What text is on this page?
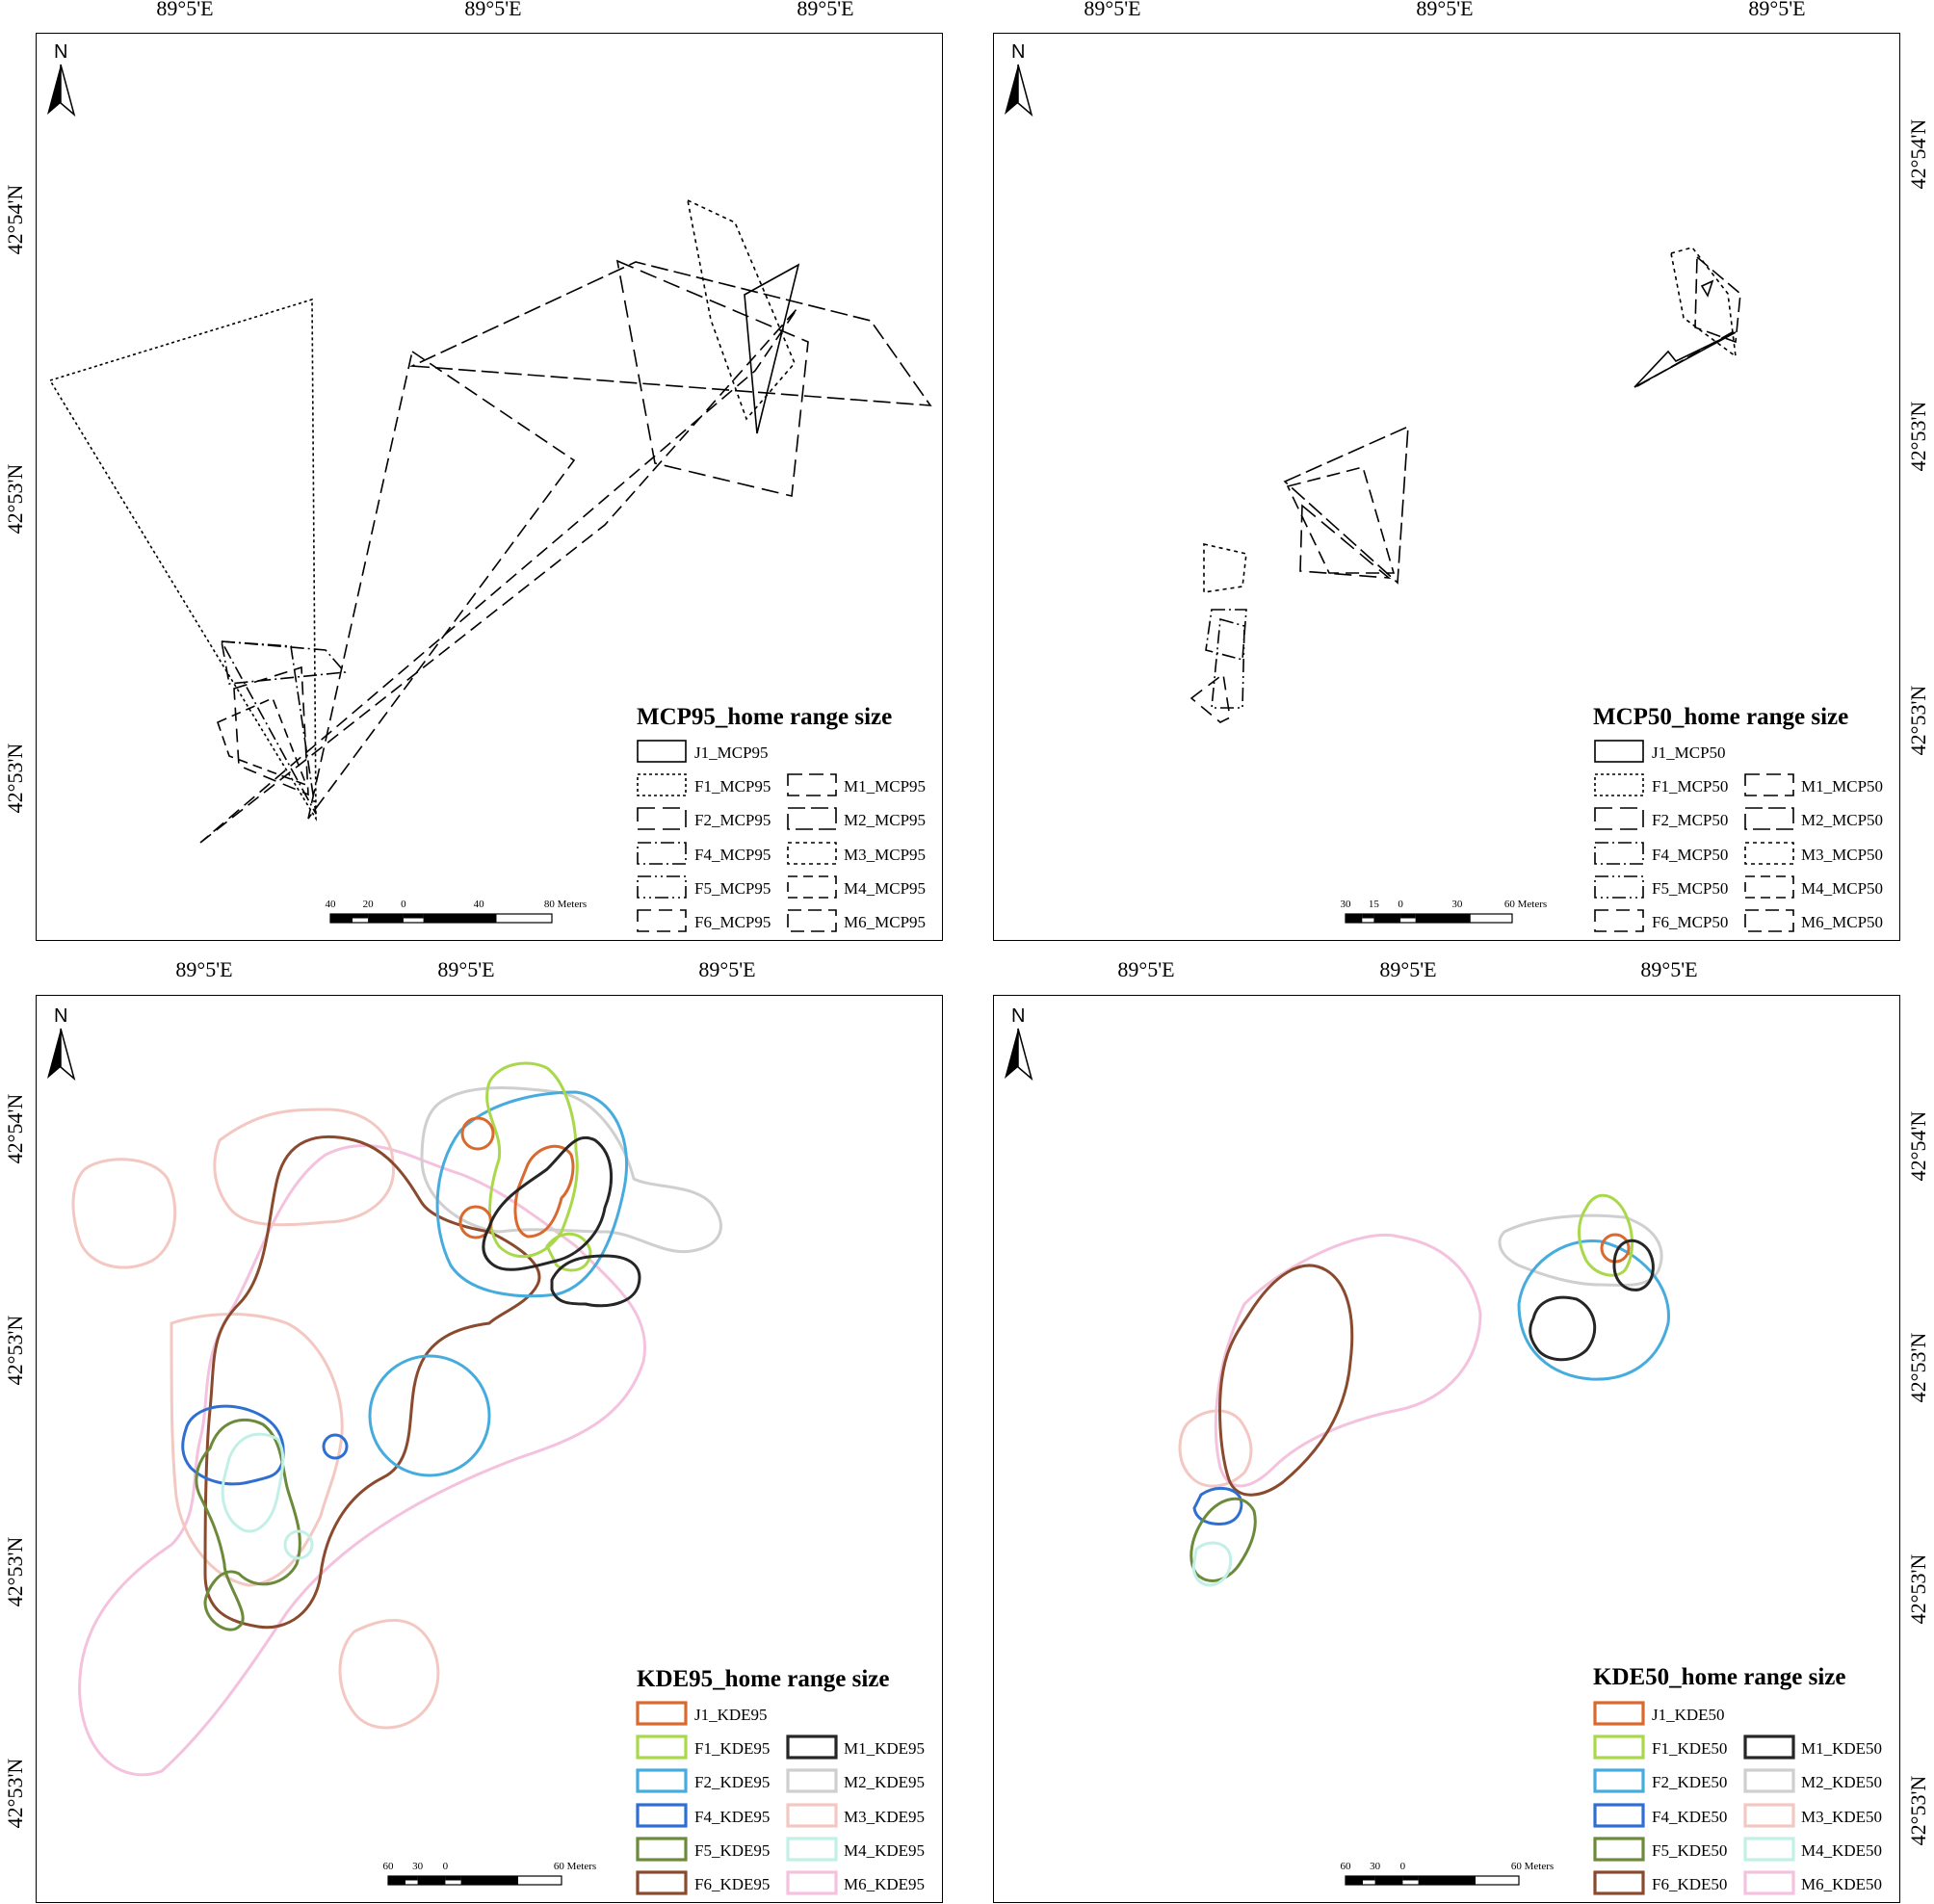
89°5'E	89°5'E	89°5'E
42°54'N
42°53'N
42°53'N
N
MCP95_home range size
J1_MCP95
F1_MCP95
F2_MCP95
F4_MCP95
F5_MCP95
F6_MCP95
M1_MCP95
M2_MCP95
M3_MCP95
M4_MCP95
M6_MCP95
40	20	0	40	80 Meters
89°5'E	89°5'E	89°5'E
42°54'N
42°53'N
42°53'N
N
MCP50_home range size
J1_MCP50
F1_MCP50
F2_MCP50
F4_MCP50
F5_MCP50
F6_MCP50
M1_MCP50
M2_MCP50
M3_MCP50
M4_MCP50
M6_MCP50
30 15 0	30	60 Meters
89°5'E	89°5'E	89°5'E
42°54'N
42°53'N
42°53'N
42°53'N
N
KDE95_home range size
J1_KDE95
F1_KDE95
F2_KDE95
F4_KDE95
F5_KDE95
F6_KDE95
M1_KDE95
M2_KDE95
M3_KDE95
M4_KDE95
M6_KDE95
60 30 0	60 Meters
89°5'E	89°5'E	89°5'E
42°54'N
42°53'N
42°53'N
42°53'N
N
KDE50_home range size
J1_KDE50
F1_KDE50
F2_KDE50
F4_KDE50
F5_KDE50
F6_KDE50
M1_KDE50
M2_KDE50
M3_KDE50
M4_KDE50
M6_KDE50
60 30 0	60 Meters
